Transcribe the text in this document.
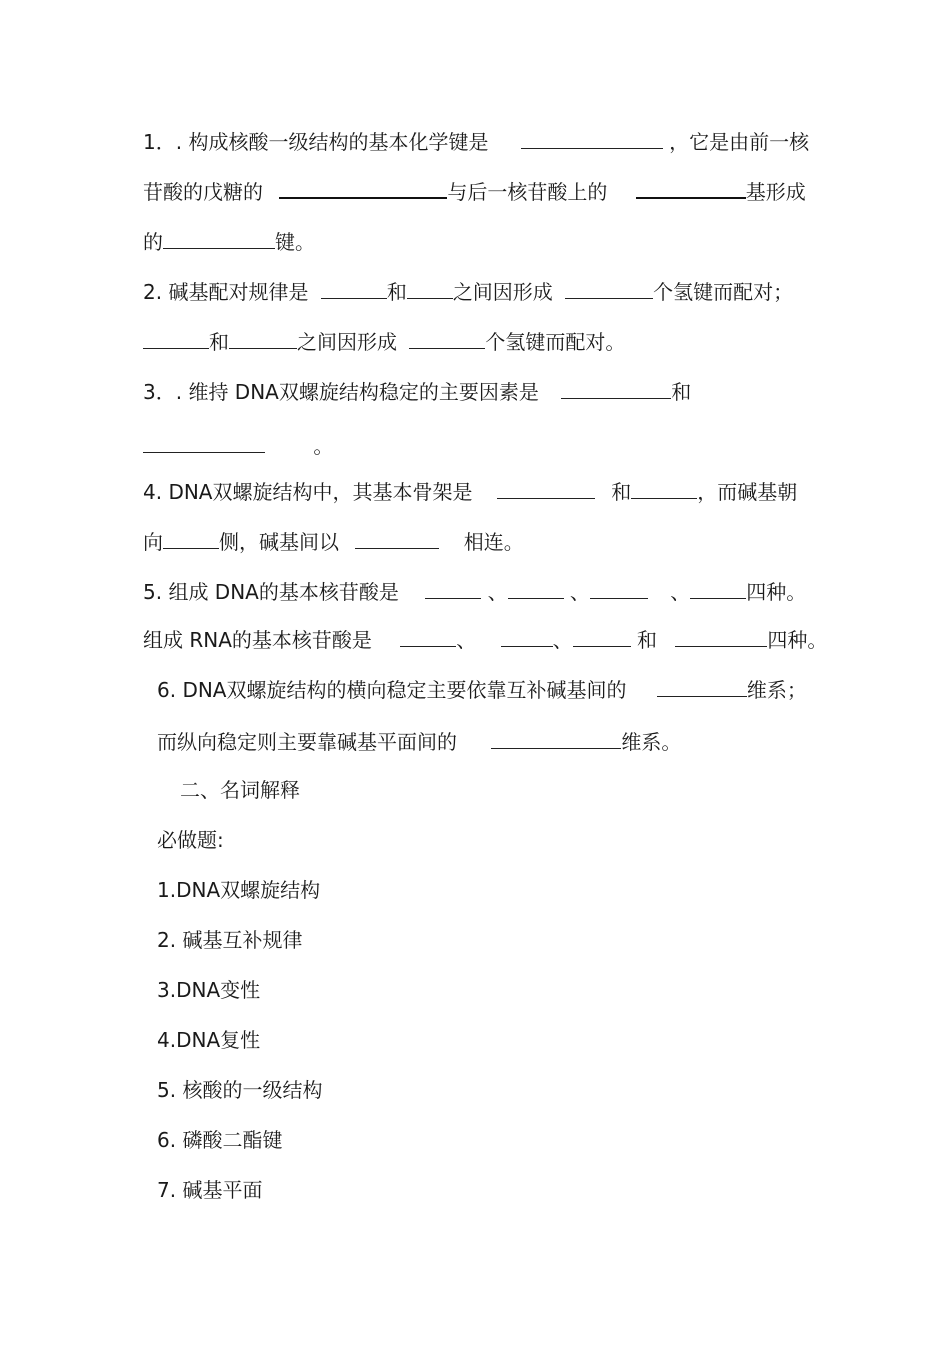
1．. 构成核酸一级结构的基本化学键是	，它是由前一核
苷酸的戊糖的	与后一核苷酸上的	基形成
的	键。
2. 碱基配对规律是	和 之间因形成	个氢键而配对；
和	之间因形成	个氢键而配对。
3．. 维持 DNA双螺旋结构稳定的主要因素是	和
。
4. DNA双螺旋结构中，其基本骨架是	和	，而碱基朝
向	侧，碱基间以	相连。
5. 组成 DNA的基本核苷酸是	、	、	、	四种。
组成 RNA的基本核苷酸是	、	、	和	四种。
6. DNA双螺旋结构的横向稳定主要依靠互补碱基间的	维系；
而纵向稳定则主要靠碱基平面间的	维系。
二、名词解释
必做题:
1.DNA双螺旋结构
2. 碱基互补规律
3.DNA变性
4.DNA复性
5. 核酸的一级结构
6. 磷酸二酯键
7. 碱基平面
